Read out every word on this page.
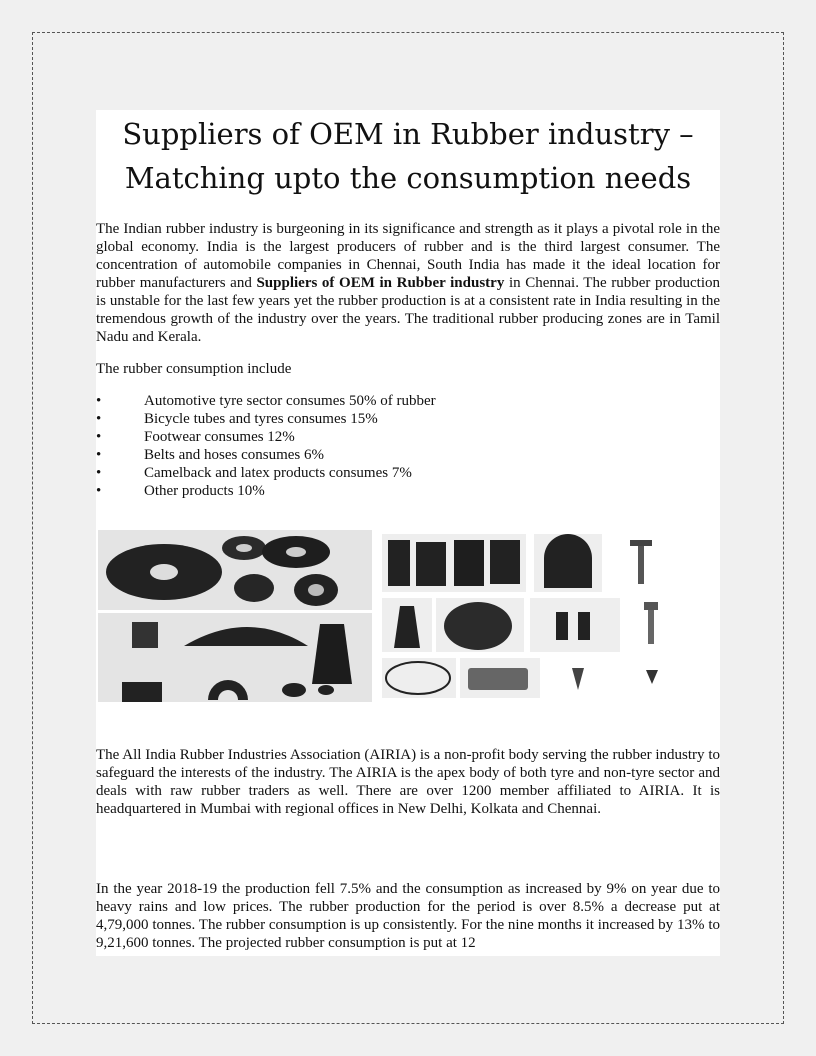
Suppliers of OEM in Rubber industry –
Matching upto the consumption needs

The Indian rubber industry is burgeoning in its significance and strength as it plays a pivotal role in the global economy. India is the largest producers of rubber and is the third largest consumer. The concentration of automobile companies in Chennai, South India has made it the ideal location for rubber manufacturers and Suppliers of OEM in Rubber industry in Chennai. The rubber production is unstable for the last few years yet the rubber production is at a consistent rate in India resulting in the tremendous growth of the industry over the years. The traditional rubber producing zones are in Tamil Nadu and Kerala.

The rubber consumption include

•	Automotive tyre sector consumes 50% of rubber
•	Bicycle tubes and tyres consumes 15%
•	Footwear consumes 12%
•	Belts and hoses consumes 6%
•	Camelback and latex products consumes 7%
•	Other products 10%

The All India Rubber Industries Association (AIRIA) is a non-profit body serving the rubber industry to safeguard the interests of the industry. The AIRIA is the apex body of both tyre and non-tyre sector and deals with raw rubber traders as well. There are over 1200 member affiliated to AIRIA. It is headquartered in Mumbai with regional offices in New Delhi, Kolkata and Chennai.

In the year 2018-19 the production fell 7.5% and the consumption as increased by 9% on year due to heavy rains and low prices. The rubber production for the period is over 8.5% a decrease put at 4,79,000 tonnes. The rubber consumption is up consistently. For the nine months it increased by 13% to 9,21,600 tonnes. The projected rubber consumption is put at 12
